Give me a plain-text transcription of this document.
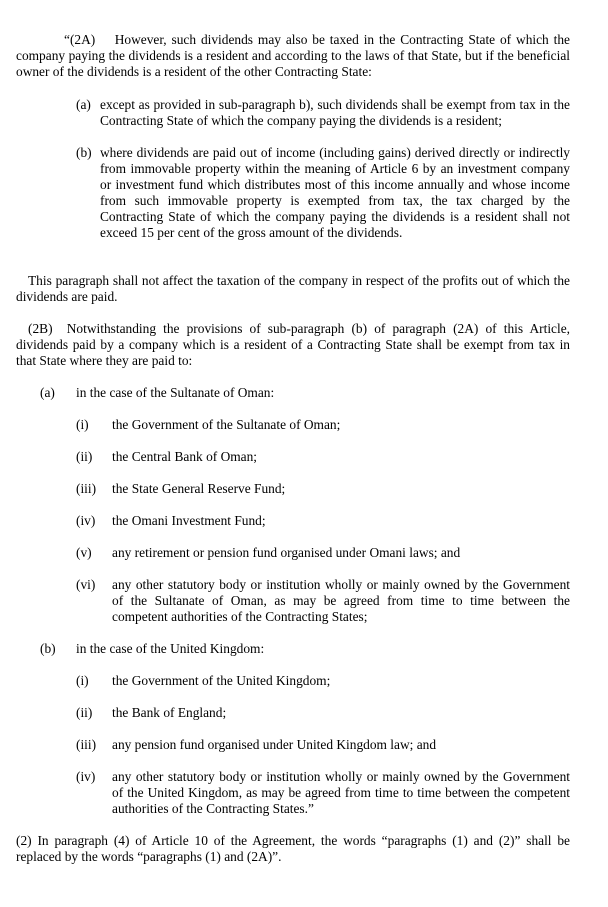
“(2A)    However, such dividends may also be taxed in the Contracting State of which the company paying the dividends is a resident and according to the laws of that State, but if the beneficial owner of the dividends is a resident of the other Contracting State:

(a) except as provided in sub-paragraph b), such dividends shall be exempt from tax in the Contracting State of which the company paying the dividends is a resident;

(b) where dividends are paid out of income (including gains) derived directly or indirectly from immovable property within the meaning of Article 6 by an investment company or investment fund which distributes most of this income annually and whose income from such immovable property is exempted from tax, the tax charged by the Contracting State of which the company paying the dividends is a resident shall not exceed 15 per cent of the gross amount of the dividends.

This paragraph shall not affect the taxation of the company in respect of the profits out of which the dividends are paid.

(2B)  Notwithstanding the provisions of sub-paragraph (b) of paragraph (2A) of this Article, dividends paid by a company which is a resident of a Contracting State shall be exempt from tax in that State where they are paid to:

(a) in the case of the Sultanate of Oman:
(i) the Government of the Sultanate of Oman;
(ii) the Central Bank of Oman;
(iii) the State General Reserve Fund;
(iv) the Omani Investment Fund;
(v) any retirement or pension fund organised under Omani laws; and
(vi) any other statutory body or institution wholly or mainly owned by the Government of the Sultanate of Oman, as may be agreed from time to time between the competent authorities of the Contracting States;

(b) in the case of the United Kingdom:
(i) the Government of the United Kingdom;
(ii) the Bank of England;
(iii) any pension fund organised under United Kingdom law; and
(iv) any other statutory body or institution wholly or mainly owned by the Government of the United Kingdom, as may be agreed from time to time between the competent authorities of the Contracting States.”

(2) In paragraph (4) of Article 10 of the Agreement, the words “paragraphs (1) and (2)” shall be replaced by the words “paragraphs (1) and (2A)”.
